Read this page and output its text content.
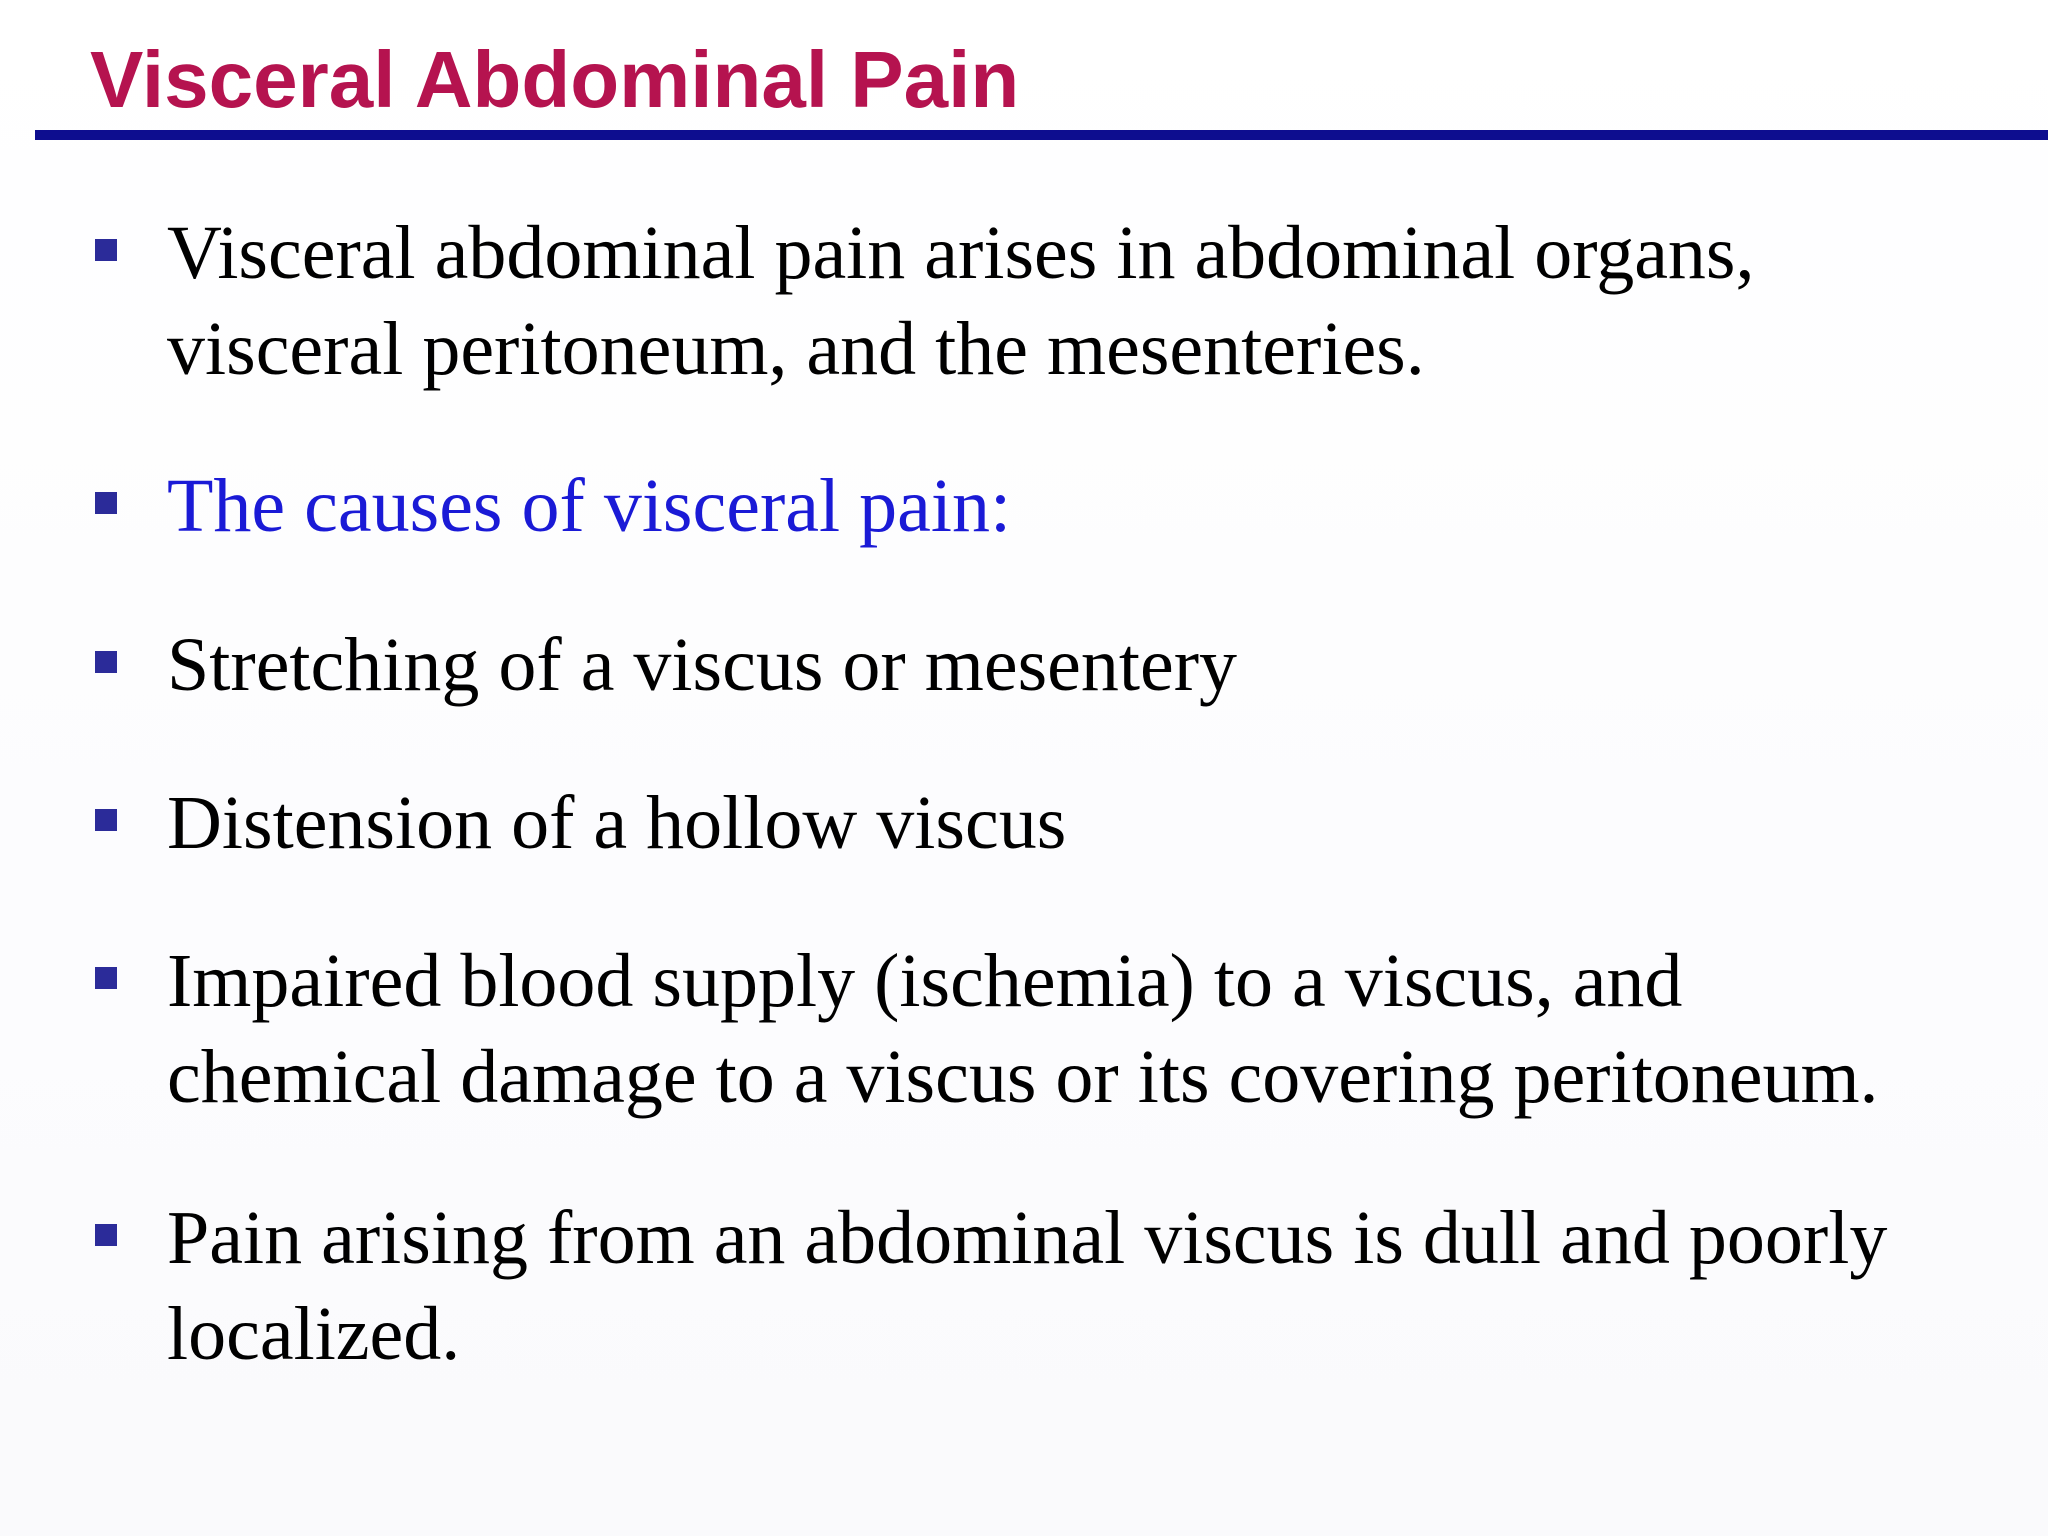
Visceral Abdominal Pain
Visceral abdominal pain arises in abdominal organs,
visceral peritoneum, and the mesenteries.
The causes of visceral pain:
Stretching of a viscus or mesentery
Distension of a hollow viscus
Impaired blood supply (ischemia) to a viscus, and
chemical damage to a viscus or its covering peritoneum.
Pain arising from an abdominal viscus is dull and poorly
localized.
